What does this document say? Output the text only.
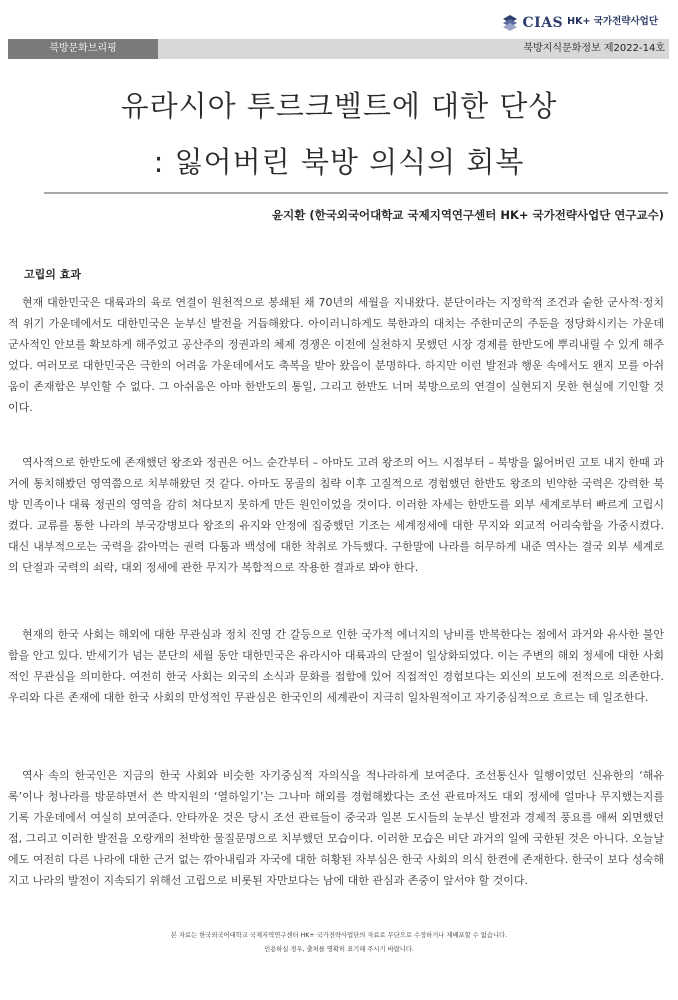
CIAS HK+ 국가전략사업단

북방문화브리핑	북방지식문화정보 제2022-14호
유라시아 투르크벨트에 대한 단상
: 잃어버린 북방 의식의 회복
윤지환 (한국외국어대학교 국제지역연구센터 HK+ 국가전략사업단 연구교수)
고립의 효과

현재 대한민국은 대륙과의 육로 연결이 원천적으로 봉쇄된 채 70년의 세월을 지내왔다. 분단이라는 지정학적 조건과 숱한 군사적·정치적 위기 가운데에서도 대한민국은 눈부신 발전을 거듭해왔다. 아이러니하게도 북한과의 대치는 주한미군의 주둔을 정당화시키는 가운데 군사적인 안보를 확보하게 해주었고 공산주의 정권과의 체제 경쟁은 이전에 실천하지 못했던 시장 경제를 한반도에 뿌리내릴 수 있게 해주었다. 여러모로 대한민국은 극한의 어려움 가운데에서도 축복을 받아 왔음이 분명하다. 하지만 이런 발전과 행운 속에서도 왠지 모를 아쉬움이 존재함은 부인할 수 없다. 그 아쉬움은 아마 한반도의 통일, 그리고 한반도 너머 북방으로의 연결이 실현되지 못한 현실에 기인할 것이다.

역사적으로 한반도에 존재했던 왕조와 정권은 어느 순간부터 – 아마도 고려 왕조의 어느 시점부터 – 북방을 잃어버린 고토 내지 한때 과거에 통치해봤던 영역쯤으로 치부해왔던 것 같다. 아마도 몽골의 침략 이후 고질적으로 경험했던 한반도 왕조의 빈약한 국력은 강력한 북방 민족이나 대륙 정권의 영역을 감히 쳐다보지 못하게 만든 원인이었을 것이다. 이러한 자세는 한반도를 외부 세계로부터 빠르게 고립시켰다. 교류를 통한 나라의 부국강병보다 왕조의 유지와 안정에 집중했던 기조는 세계정세에 대한 무지와 외교적 어리숙함을 가중시켰다. 대신 내부적으로는 국력을 갉아먹는 권력 다툼과 백성에 대한 착취로 가득했다. 구한말에 나라를 허무하게 내준 역사는 결국 외부 세계로의 단절과 국력의 쇠락, 대외 정세에 관한 무지가 복합적으로 작용한 결과로 봐야 한다.

현재의 한국 사회는 해외에 대한 무관심과 정치 진영 간 갈등으로 인한 국가적 에너지의 낭비를 반복한다는 점에서 과거와 유사한 불안함을 안고 있다. 반세기가 넘는 분단의 세월 동안 대한민국은 유라시아 대륙과의 단절이 일상화되었다. 이는 주변의 해외 정세에 대한 사회적인 무관심을 의미한다. 여전히 한국 사회는 외국의 소식과 문화를 접함에 있어 직접적인 경험보다는 외신의 보도에 전적으로 의존한다. 우리와 다른 존재에 대한 한국 사회의 만성적인 무관심은 한국인의 세계관이 지극히 일차원적이고 자기중심적으로 흐르는 데 일조한다.

역사 속의 한국인은 지금의 한국 사회와 비슷한 자기중심적 자의식을 적나라하게 보여준다. 조선통신사 일행이었던 신유한의 ‘해유록’이나 청나라를 방문하면서 쓴 박지원의 ‘열하일기’는 그나마 해외를 경험해봤다는 조선 관료마저도 대외 정세에 얼마나 무지했는지를 기록 가운데에서 여실히 보여준다. 안타까운 것은 당시 조선 관료들이 중국과 일본 도시들의 눈부신 발전과 경제적 풍요를 애써 외면했던 점, 그리고 이러한 발전을 오랑캐의 천박한 물질문명으로 치부했던 모습이다. 이러한 모습은 비단 과거의 일에 국한된 것은 아니다. 오늘날에도 여전히 다른 나라에 대한 근거 없는 깎아내림과 자국에 대한 허황된 자부심은 한국 사회의 의식 한켠에 존재한다. 한국이 보다 성숙해지고 나라의 발전이 지속되기 위해선 고립으로 비롯된 자만보다는 남에 대한 관심과 존중이 앞서야 할 것이다.

본 자료는 한국외국어대학교 국제지역연구센터 HK+ 국가전략사업단의 자료로 무단으로 수정하거나 재배포할 수 없습니다.
인용하실 경우, 출처를 명확히 표기해 주시기 바랍니다.
